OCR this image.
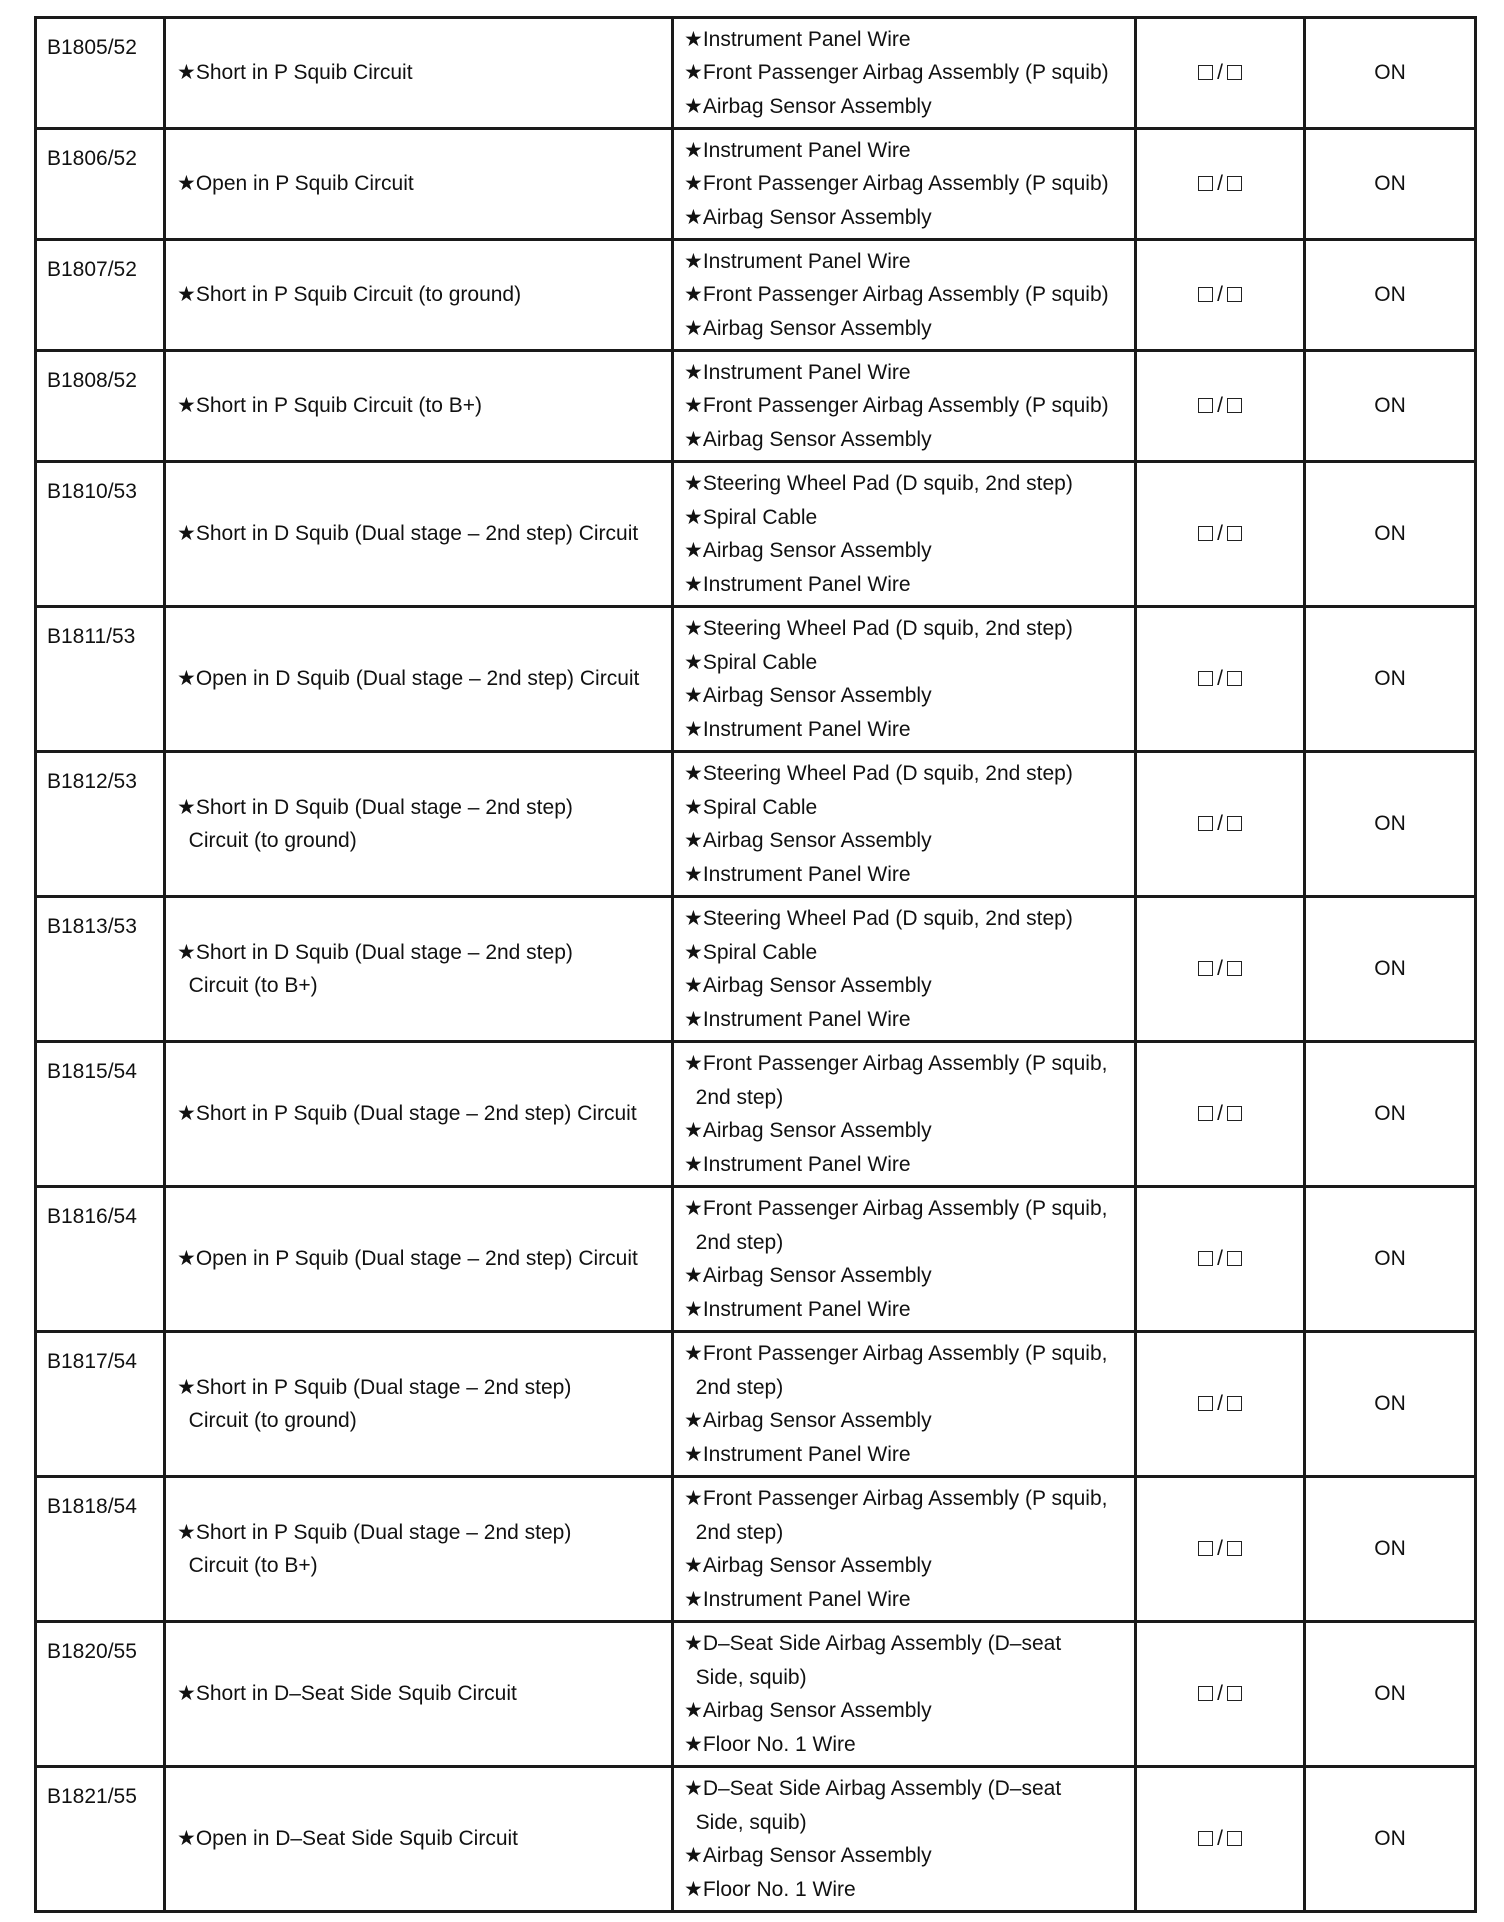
B1805/52	★Short in P Squib Circuit	★Instrument Panel Wire
★Front Passenger Airbag Assembly (P squib)
★Airbag Sensor Assembly	/	ON
B1806/52	★Open in P Squib Circuit	★Instrument Panel Wire
★Front Passenger Airbag Assembly (P squib)
★Airbag Sensor Assembly	/	ON
B1807/52	★Short in P Squib Circuit (to ground)	★Instrument Panel Wire
★Front Passenger Airbag Assembly (P squib)
★Airbag Sensor Assembly	/	ON
B1808/52	★Short in P Squib Circuit (to B+)	★Instrument Panel Wire
★Front Passenger Airbag Assembly (P squib)
★Airbag Sensor Assembly	/	ON
B1810/53	★Short in D Squib (Dual stage – 2nd step) Circuit	★Steering Wheel Pad (D squib, 2nd step)
★Spiral Cable
★Airbag Sensor Assembly
★Instrument Panel Wire	/	ON
B1811/53	★Open in D Squib (Dual stage – 2nd step) Circuit	★Steering Wheel Pad (D squib, 2nd step)
★Spiral Cable
★Airbag Sensor Assembly
★Instrument Panel Wire	/	ON
B1812/53	★Short in D Squib (Dual stage – 2nd step)
Circuit (to ground)	★Steering Wheel Pad (D squib, 2nd step)
★Spiral Cable
★Airbag Sensor Assembly
★Instrument Panel Wire	/	ON
B1813/53	★Short in D Squib (Dual stage – 2nd step)
Circuit (to B+)	★Steering Wheel Pad (D squib, 2nd step)
★Spiral Cable
★Airbag Sensor Assembly
★Instrument Panel Wire	/	ON
B1815/54	★Short in P Squib (Dual stage – 2nd step) Circuit	★Front Passenger Airbag Assembly (P squib,
2nd step)
★Airbag Sensor Assembly
★Instrument Panel Wire	/	ON
B1816/54	★Open in P Squib (Dual stage – 2nd step) Circuit	★Front Passenger Airbag Assembly (P squib,
2nd step)
★Airbag Sensor Assembly
★Instrument Panel Wire	/	ON
B1817/54	★Short in P Squib (Dual stage – 2nd step)
Circuit (to ground)	★Front Passenger Airbag Assembly (P squib,
2nd step)
★Airbag Sensor Assembly
★Instrument Panel Wire	/	ON
B1818/54	★Short in P Squib (Dual stage – 2nd step)
Circuit (to B+)	★Front Passenger Airbag Assembly (P squib,
2nd step)
★Airbag Sensor Assembly
★Instrument Panel Wire	/	ON
B1820/55	★Short in D–Seat Side Squib Circuit	★D–Seat Side Airbag Assembly (D–seat
Side, squib)
★Airbag Sensor Assembly
★Floor No. 1 Wire	/	ON
B1821/55	★Open in D–Seat Side Squib Circuit	★D–Seat Side Airbag Assembly (D–seat
Side, squib)
★Airbag Sensor Assembly
★Floor No. 1 Wire	/	ON
